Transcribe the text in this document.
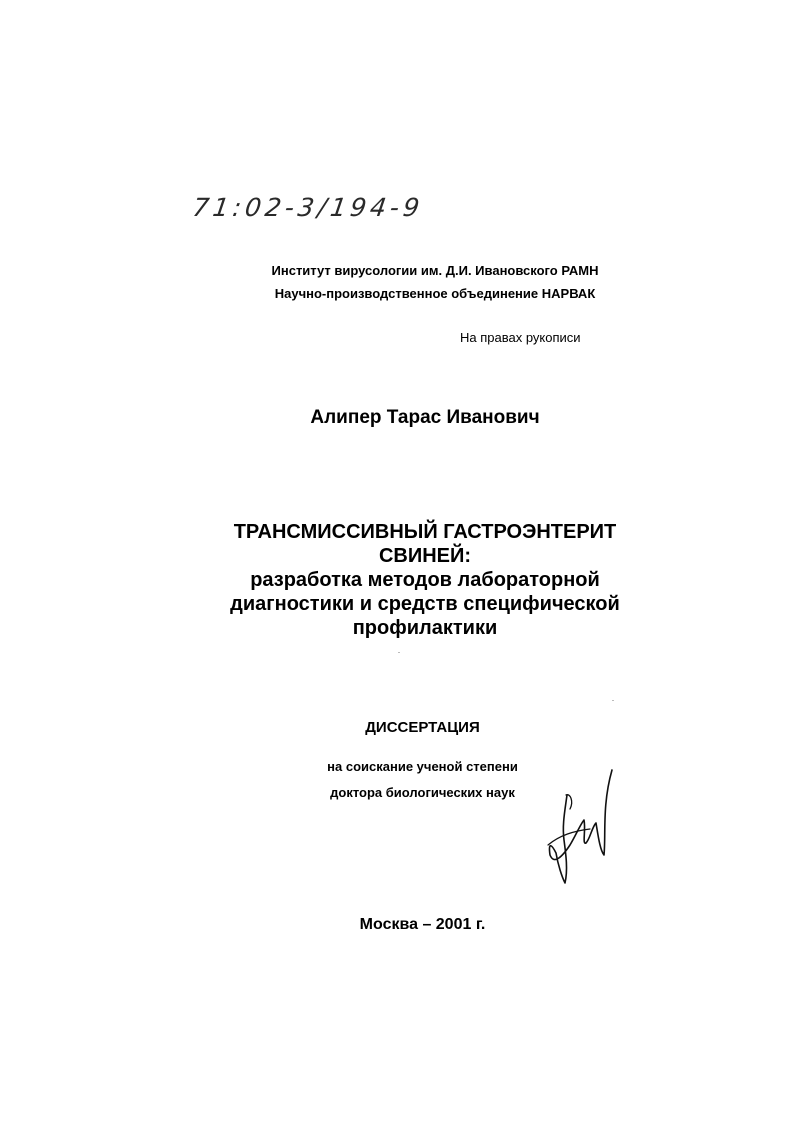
71:02-3/194-9
Институт вирусологии им. Д.И. Ивановского РАМН
Научно-производственное объединение НАРВАК
На правах рукописи
Алипер Тарас Иванович
ТРАНСМИССИВНЫЙ ГАСТРОЭНТЕРИТ
СВИНЕЙ:
разработка методов лабораторной
диагностики и средств специфической
профилактики
ДИССЕРТАЦИЯ
на соискание ученой степени
доктора биологических наук
Москва – 2001 г.
